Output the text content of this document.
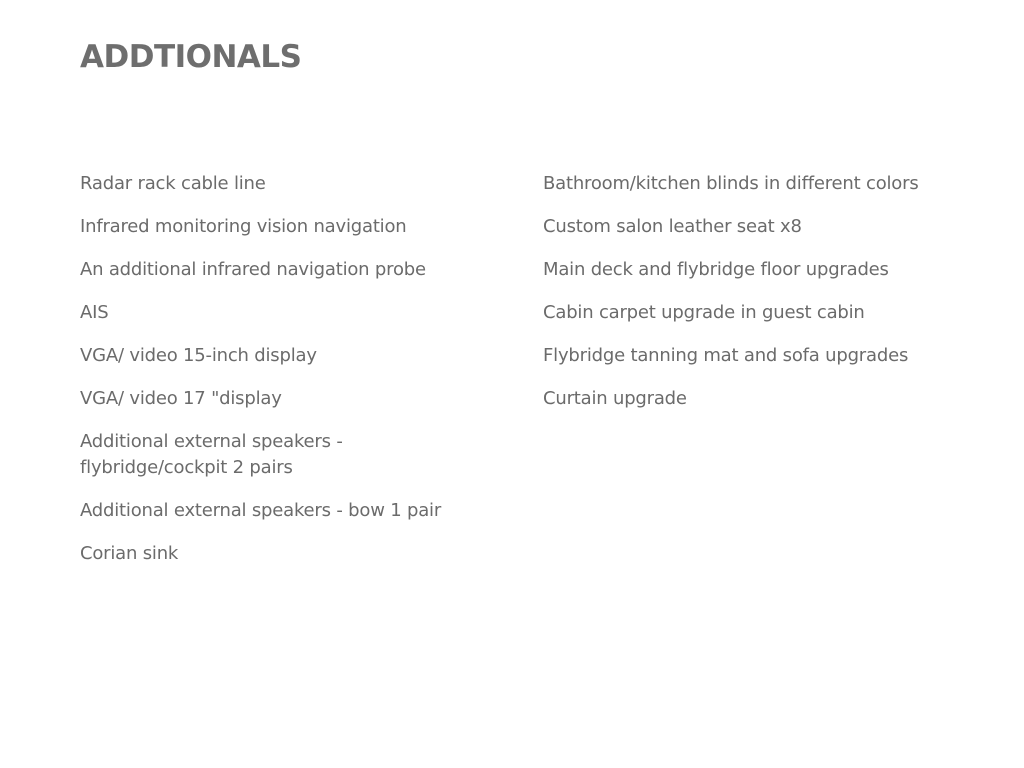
ADDTIONALS
Radar rack cable line
Infrared monitoring vision navigation
An additional infrared navigation probe
AIS
VGA/ video 15-inch display
VGA/ video 17 "display
Additional external speakers -
flybridge/cockpit 2 pairs
Additional external speakers - bow 1 pair
Corian sink
Bathroom/kitchen blinds in different colors
Custom salon leather seat x8
Main deck and flybridge floor upgrades
Cabin carpet upgrade in guest cabin
Flybridge tanning mat and sofa upgrades
Curtain upgrade
